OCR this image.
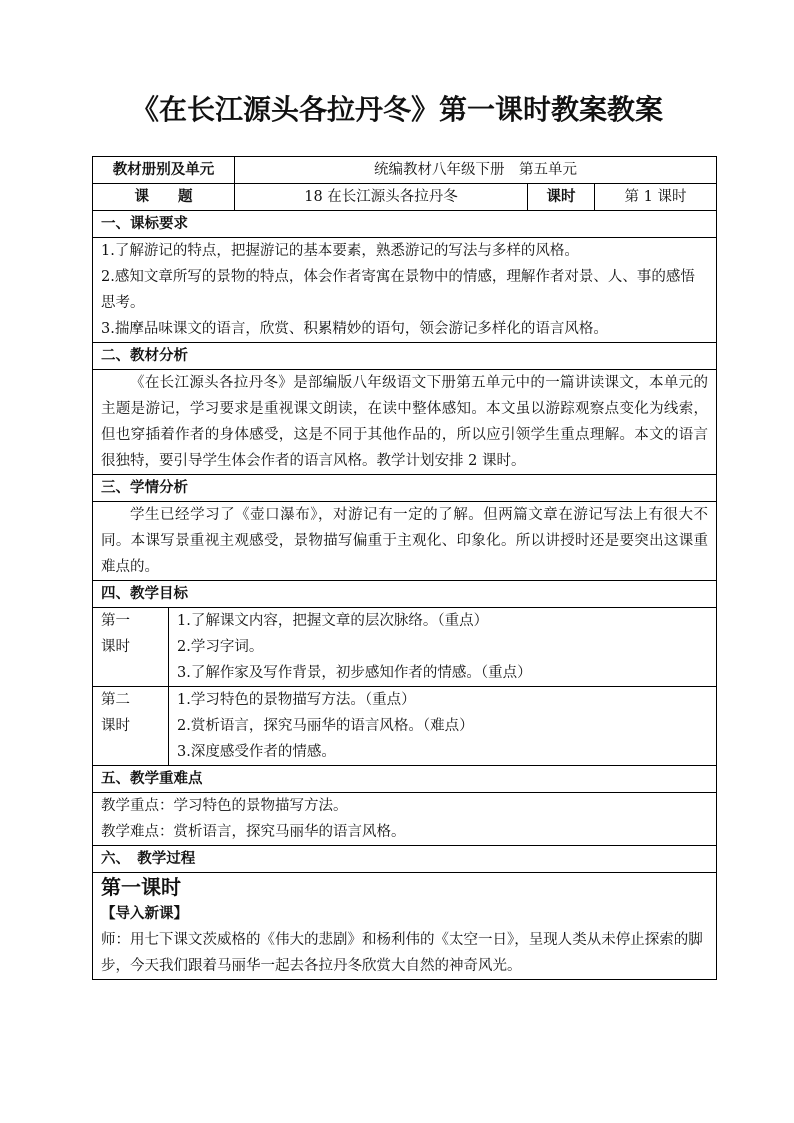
《在长江源头各拉丹冬》第一课时教案教案
教材册别及单元		统编教材八年级下册　第五单元		
课　　题		18 在长江源头各拉丹冬	课时	第 1 课时
一、课标要求				

1.了解游记的特点，把握游记的基本要素，熟悉游记的写法与多样的风格。
2.感知文章所写的景物的特点，体会作者寄寓在景物中的情感，理解作者对景、人、事的感悟思考。
3.揣摩品味课文的语言，欣赏、积累精妙的语句，领会游记多样化的语言风格。				

二、教材分析				
《在长江源头各拉丹冬》是部编版八年级语文下册第五单元中的一篇讲读课文，本单元的主题是游记，学习要求是重视课文朗读，在读中整体感知。本文虽以游踪观察点变化为线索，但也穿插着作者的身体感受，这是不同于其他作品的，所以应引领学生重点理解。本文的语言很独特，要引导学生体会作者的语言风格。教学计划安排 2 课时。				
三、学情分析				
学生已经学习了《壶口瀑布》，对游记有一定的了解。但两篇文章在游记写法上有很大不同。本课写景重视主观感受，景物描写偏重于主观化、印象化。所以讲授时还是要突出这课重难点的。				
四、教学目标				

第一
课时	1.了解课文内容，把握文章的层次脉络。（重点）
2.学习字词。
3.了解作家及写作背景，初步感知作者的情感。（重点）			

第二
课时	1.学习特色的景物描写方法。（重点）
2.赏析语言，探究马丽华的语言风格。（难点）
3.深度感受作者的情感。			

五、教学重难点				

教学重点：学习特色的景物描写方法。
教学难点：赏析语言，探究马丽华的语言风格。				

六、　教学过程				

第一课时
【导入新课】
师：用七下课文茨威格的《伟大的悲剧》和杨利伟的《太空一日》，呈现人类从未停止探索的脚步，今天我们跟着马丽华一起去各拉丹冬欣赏大自然的神奇风光。				
